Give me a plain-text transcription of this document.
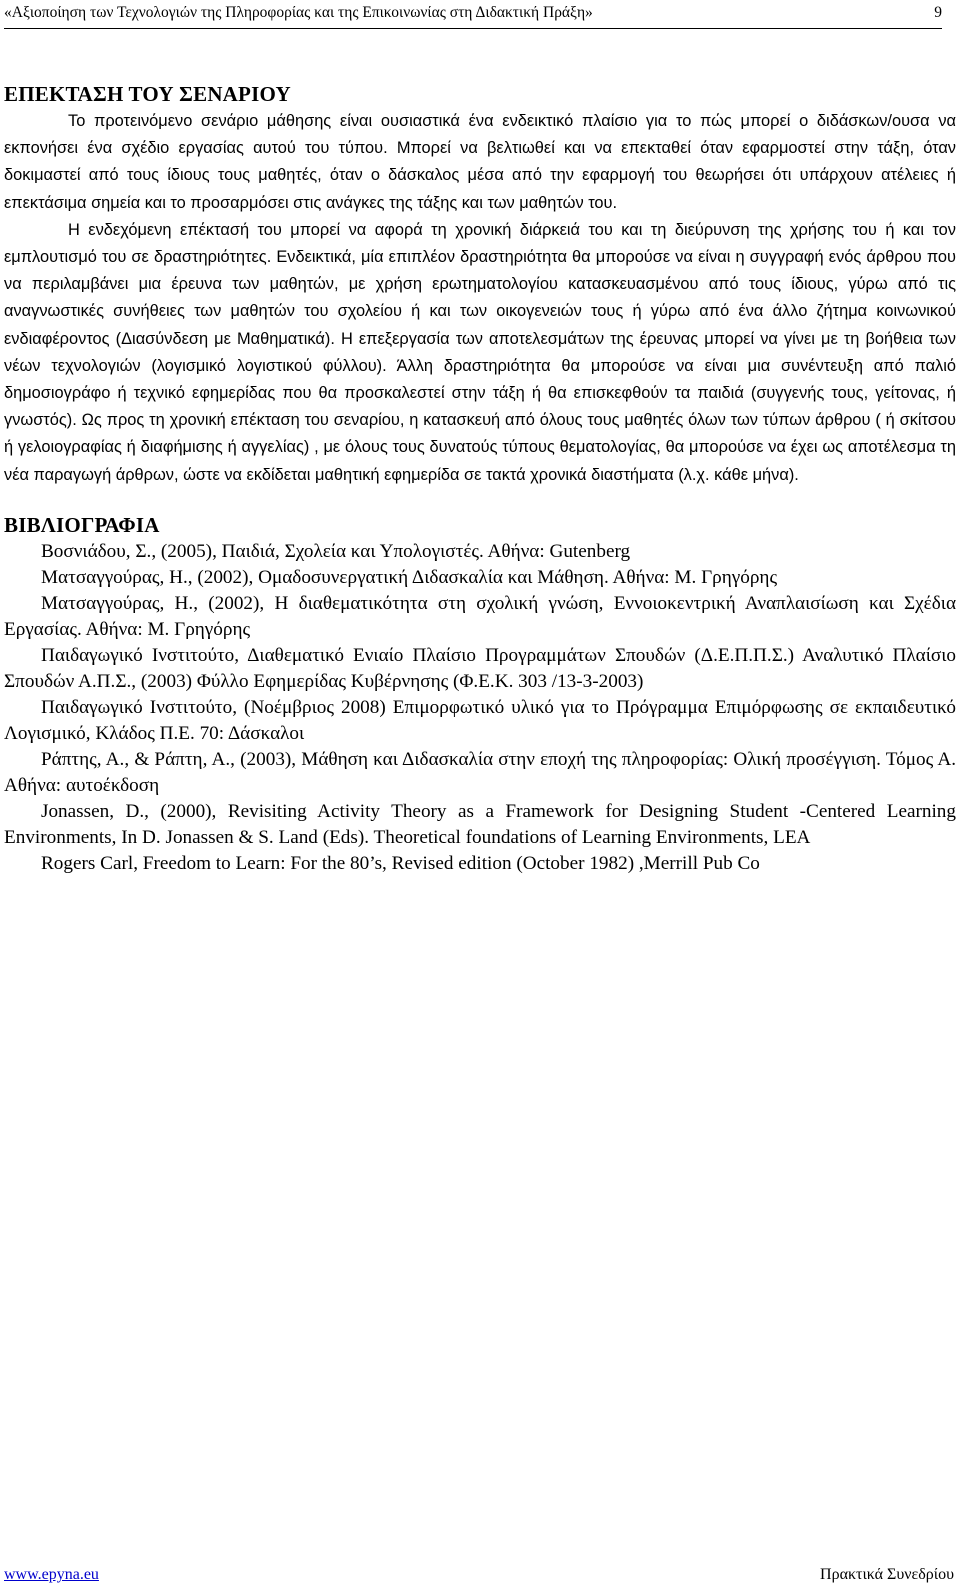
«Αξιοποίηση των Τεχνολογιών της Πληροφορίας και της Επικοινωνίας στη Διδακτική Πράξη»	9
ΕΠΕΚΤΑΣΗ ΤΟΥ ΣΕΝΑΡΙΟΥ

Το προτεινόμενο σενάριο μάθησης είναι ουσιαστικά ένα ενδεικτικό πλαίσιο για το πώς μπορεί ο διδάσκων/ουσα να εκπονήσει ένα σχέδιο εργασίας αυτού του τύπου. Μπορεί να βελτιωθεί και να επεκταθεί όταν εφαρμοστεί στην τάξη, όταν δοκιμαστεί από τους ίδιους τους μαθητές, όταν ο δάσκαλος μέσα από την εφαρμογή του θεωρήσει ότι υπάρχουν ατέλειες ή επεκτάσιμα σημεία και το προσαρμόσει στις ανάγκες της τάξης και των μαθητών του.

Η ενδεχόμενη επέκτασή του μπορεί να αφορά τη χρονική διάρκειά του και τη διεύρυνση της χρήσης του ή και τον εμπλουτισμό του σε δραστηριότητες. Ενδεικτικά, μία επιπλέον δραστηριότητα θα μπορούσε να είναι η συγγραφή ενός άρθρου που να περιλαμβάνει μια έρευνα των μαθητών, με χρήση ερωτηματολογίου κατασκευασμένου από τους ίδιους, γύρω από τις αναγνωστικές συνήθειες των μαθητών του σχολείου ή και των οικογενειών τους ή γύρω από ένα άλλο ζήτημα κοινωνικού ενδιαφέροντος (Διασύνδεση με Μαθηματικά). Η επεξεργασία των αποτελεσμάτων της έρευνας μπορεί να γίνει με τη βοήθεια των νέων τεχνολογιών (λογισμικό λογιστικού φύλλου). Άλλη δραστηριότητα θα μπορούσε να είναι μια συνέντευξη από παλιό δημοσιογράφο ή τεχνικό εφημερίδας που θα προσκαλεστεί στην τάξη ή θα επισκεφθούν τα παιδιά (συγγενής τους, γείτονας, ή γνωστός). Ως προς τη χρονική επέκταση του σεναρίου, η κατασκευή από όλους τους μαθητές όλων των τύπων άρθρου ( ή σκίτσου ή γελοιογραφίας ή διαφήμισης ή αγγελίας) , με όλους τους δυνατούς τύπους θεματολογίας, θα μπορούσε να έχει ως αποτέλεσμα τη νέα παραγωγή άρθρων, ώστε να εκδίδεται μαθητική εφημερίδα σε τακτά χρονικά διαστήματα (λ.χ. κάθε μήνα).

ΒΙΒΛΙΟΓΡΑΦΙΑ

Βοσνιάδου, Σ., (2005), Παιδιά, Σχολεία και Υπολογιστές. Αθήνα: Gutenberg

Ματσαγγούρας, Η., (2002), Ομαδοσυνεργατική Διδασκαλία και Μάθηση. Αθήνα: Μ. Γρηγόρης

Ματσαγγούρας, Η., (2002), Η διαθεματικότητα στη σχολική γνώση, Εννοιοκεντρική Αναπλαισίωση και Σχέδια Εργασίας. Αθήνα: Μ. Γρηγόρης

Παιδαγωγικό Ινστιτούτο, Διαθεματικό Ενιαίο Πλαίσιο Προγραμμάτων Σπουδών (Δ.Ε.Π.Π.Σ.) Αναλυτικό Πλαίσιο Σπουδών Α.Π.Σ., (2003) Φύλλο Εφημερίδας Κυβέρνησης (Φ.Ε.Κ. 303 /13-3-2003)

Παιδαγωγικό Ινστιτούτο, (Νοέμβριος 2008) Επιμορφωτικό υλικό για το Πρόγραμμα Επιμόρφωσης σε εκπαιδευτικό Λογισμικό, Κλάδος Π.Ε. 70: Δάσκαλοι

Ράπτης, Α., & Ράπτη, Α., (2003), Μάθηση και Διδασκαλία στην εποχή της πληροφορίας: Ολική προσέγγιση. Τόμος Α. Αθήνα: αυτοέκδοση

Jonassen, D., (2000), Revisiting Activity Theory as a Framework for Designing Student -Centered Learning Environments, In D. Jonassen & S. Land (Eds). Theoretical foundations of Learning Environments, LEA

Rogers Carl, Freedom to Learn: For the 80’s, Revised edition (October 1982) ,Merrill Pub Co

www.epyna.eu	Πρακτικά Συνεδρίου
